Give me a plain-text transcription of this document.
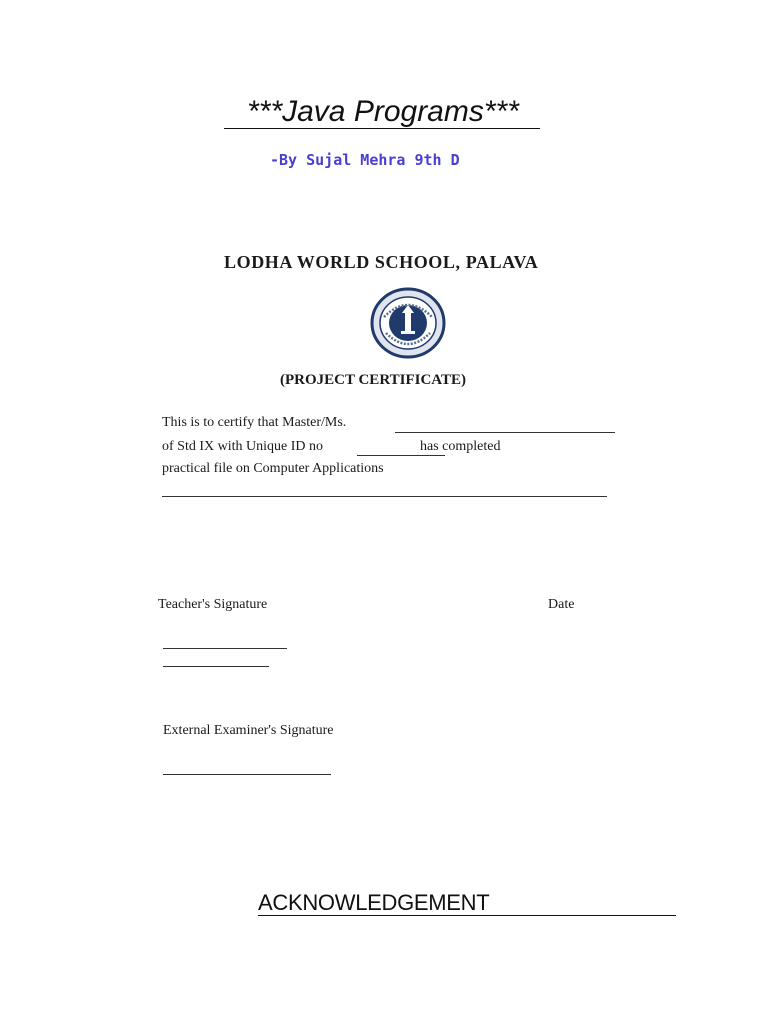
***Java Programs***
-By Sujal Mehra 9th D
LODHA WORLD SCHOOL, PALAVA
(PROJECT CERTIFICATE)
This is to certify that Master/Ms.
of Std IX with Unique ID no	has completed
practical file on Computer Applications
Teacher's Signature	Date
External Examiner's Signature
ACKNOWLEDGEMENT
